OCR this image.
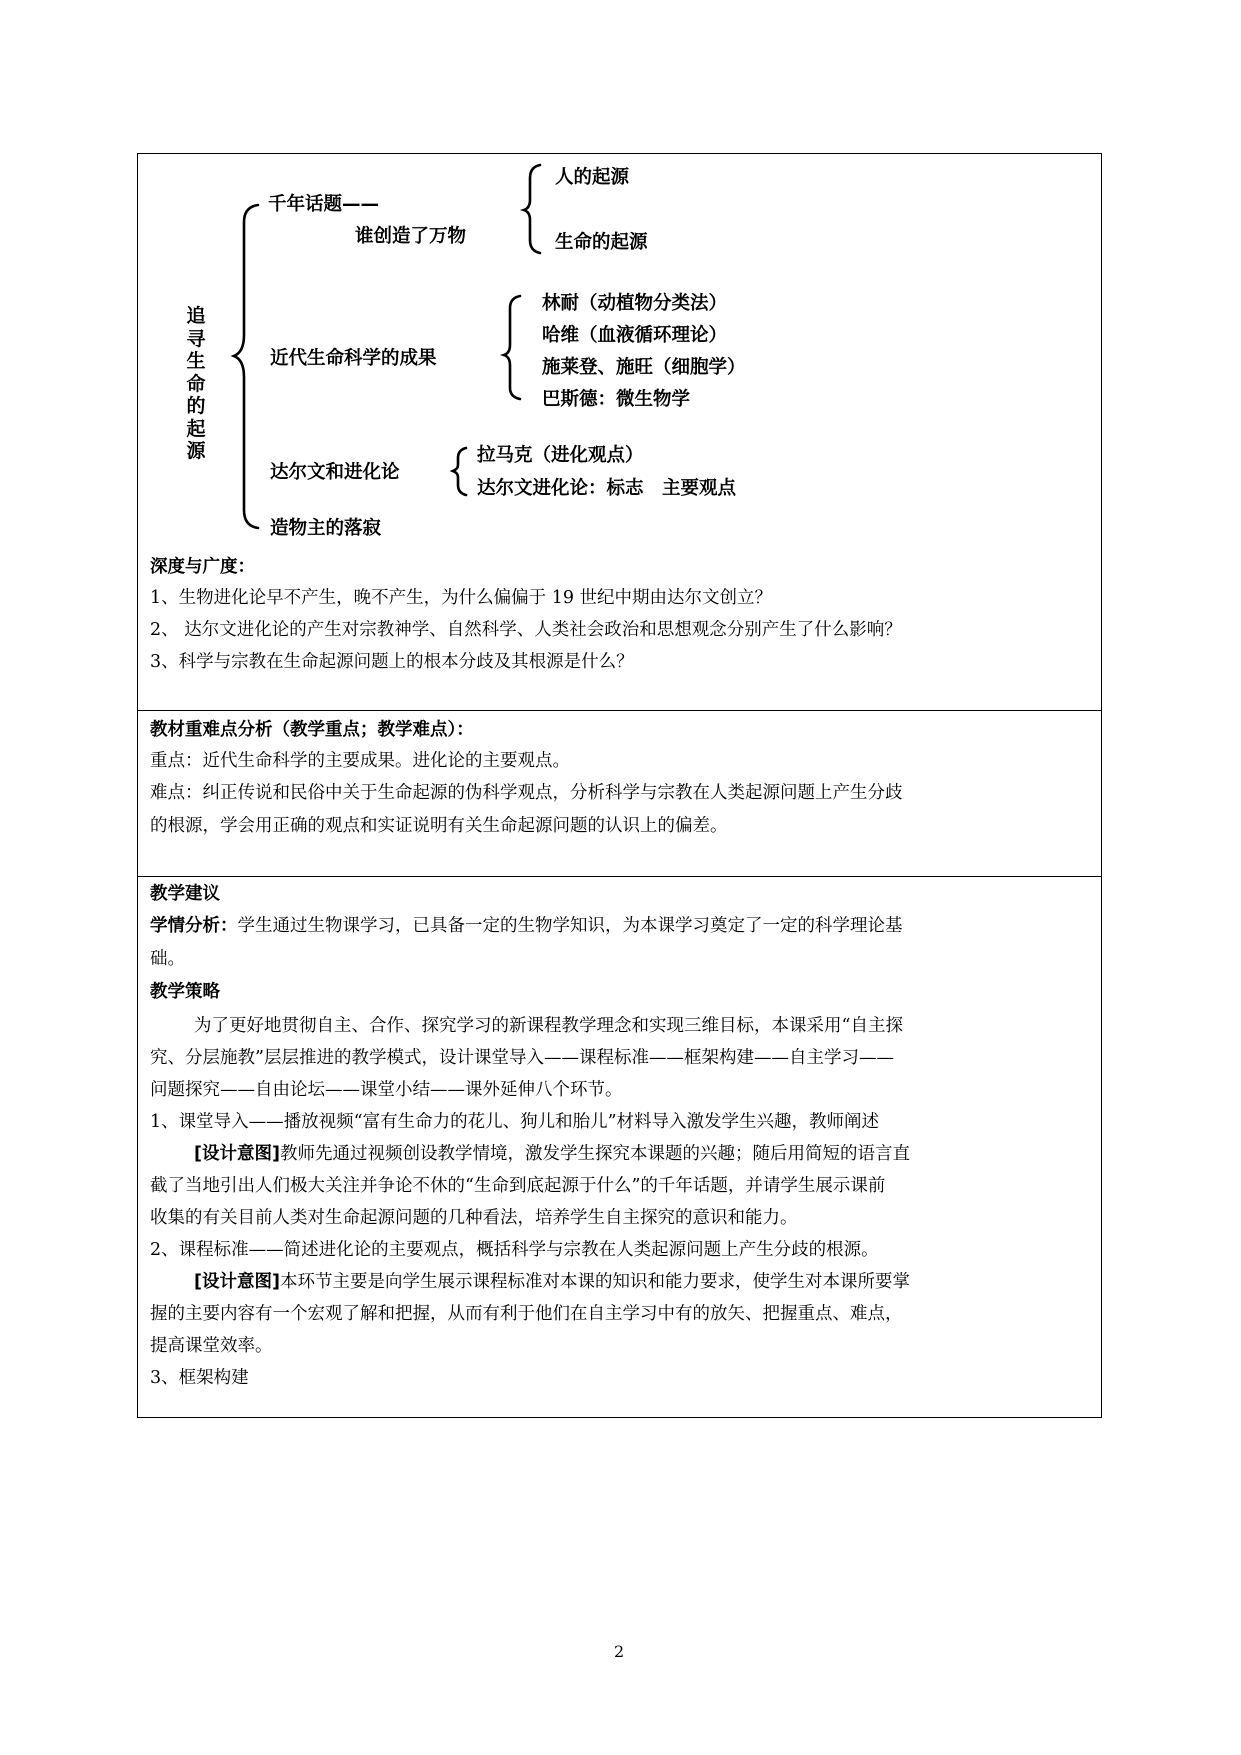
追寻生命的起源
千年话题——
谁创造了万物
人的起源
生命的起源
近代生命科学的成果
林耐（动植物分类法）
哈维（血液循环理论）
施莱登、施旺（细胞学）
巴斯德：微生物学
达尔文和进化论
拉马克（进化观点）
达尔文进化论：标志　主要观点
造物主的落寂
深度与广度：
1、生物进化论早不产生，晚不产生，为什么偏偏于 19 世纪中期由达尔文创立？
2、 达尔文进化论的产生对宗教神学、自然科学、人类社会政治和思想观念分别产生了什么影响？
3、科学与宗教在生命起源问题上的根本分歧及其根源是什么？
教材重难点分析（教学重点；教学难点）：
重点：近代生命科学的主要成果。进化论的主要观点。
难点：纠正传说和民俗中关于生命起源的伪科学观点，分析科学与宗教在人类起源问题上产生分歧
的根源，学会用正确的观点和实证说明有关生命起源问题的认识上的偏差。
教学建议
学情分析：学生通过生物课学习，已具备一定的生物学知识，为本课学习奠定了一定的科学理论基
础。
教学策略
为了更好地贯彻自主、合作、探究学习的新课程教学理念和实现三维目标，本课采用“自主探
究、分层施教”层层推进的教学模式，设计课堂导入——课程标准——框架构建——自主学习——
问题探究——自由论坛——课堂小结——课外延伸八个环节。
1、课堂导入——播放视频“富有生命力的花儿、狗儿和胎儿”材料导入激发学生兴趣，教师阐述
[设计意图]教师先通过视频创设教学情境，激发学生探究本课题的兴趣；随后用简短的语言直
截了当地引出人们极大关注并争论不休的“生命到底起源于什么”的千年话题，并请学生展示课前
收集的有关目前人类对生命起源问题的几种看法，培养学生自主探究的意识和能力。
2、课程标准——简述进化论的主要观点，概括科学与宗教在人类起源问题上产生分歧的根源。
[设计意图]本环节主要是向学生展示课程标准对本课的知识和能力要求，使学生对本课所要掌
握的主要内容有一个宏观了解和把握，从而有利于他们在自主学习中有的放矢、把握重点、难点，
提高课堂效率。
3、框架构建
2
